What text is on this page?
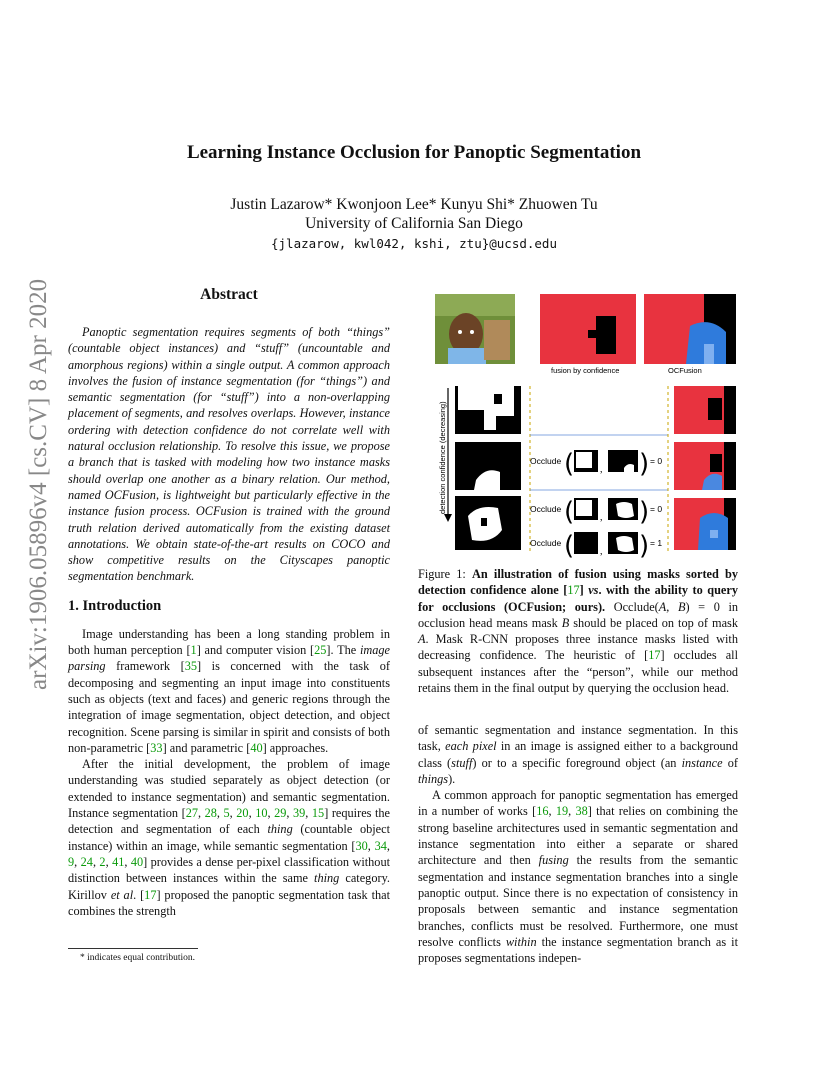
arXiv:1906.05896v4 [cs.CV] 8 Apr 2020
Learning Instance Occlusion for Panoptic Segmentation
Justin Lazarow* Kwonjoon Lee* Kunyu Shi* Zhuowen Tu
University of California San Diego
{jlazarow, kwl042, kshi, ztu}@ucsd.edu
Abstract

Panoptic segmentation requires segments of both “things” (countable object instances) and “stuff” (uncountable and amorphous regions) within a single output. A common approach involves the fusion of instance segmentation (for “things”) and semantic segmentation (for “stuff”) into a non-overlapping placement of segments, and resolves overlaps. However, instance ordering with detection confidence do not correlate well with natural occlusion relationship. To resolve this issue, we propose a branch that is tasked with modeling how two instance masks should overlap one another as a binary relation. Our method, named OCFusion, is lightweight but particularly effective in the instance fusion process. OCFusion is trained with the ground truth relation derived automatically from the existing dataset annotations. We obtain state-of-the-art results on COCO and show competitive results on the Cityscapes panoptic segmentation benchmark.

1. Introduction

Image understanding has been a long standing problem in both human perception [1] and computer vision [25]. The image parsing framework [35] is concerned with the task of decomposing and segmenting an input image into constituents such as objects (text and faces) and generic regions through the integration of image segmentation, object detection, and object recognition. Scene parsing is similar in spirit and consists of both non-parametric [33] and parametric [40] approaches.

After the initial development, the problem of image understanding was studied separately as object detection (or extended to instance segmentation) and semantic segmentation. Instance segmentation [27, 28, 5, 20, 10, 29, 39, 15] requires the detection and segmentation of each thing (countable object instance) within an image, while semantic segmentation [30, 34, 9, 24, 2, 41, 40] provides a dense per-pixel classification without distinction between instances within the same thing category. Kirillov et al. [17] proposed the panoptic segmentation task that combines the strength

* indicates equal contribution.
fusion by confidence	OCFusion
detection confidence (decreasing)	Occlude (	, ) = 0
Occlude (	, ) = 0
Occlude (	, ) = 1

Figure 1: An illustration of fusion using masks sorted by detection confidence alone [17] vs. with the ability to query for occlusions (OCFusion; ours). Occlude(A, B) = 0 in occlusion head means mask B should be placed on top of mask A. Mask R-CNN proposes three instance masks listed with decreasing confidence. The heuristic of [17] occludes all subsequent instances after the “person”, while our method retains them in the final output by querying the occlusion head.

of semantic segmentation and instance segmentation. In this task, each pixel in an image is assigned either to a background class (stuff) or to a specific foreground object (an instance of things).

A common approach for panoptic segmentation has emerged in a number of works [16, 19, 38] that relies on combining the strong baseline architectures used in semantic segmentation and instance segmentation into either a separate or shared architecture and then fusing the results from the semantic segmentation and instance segmentation branches into a single panoptic output. Since there is no expectation of consistency in proposals between semantic and instance segmentation branches, conflicts must be resolved. Furthermore, one must resolve conflicts within the instance segmentation branch as it proposes segmentations indepen-
